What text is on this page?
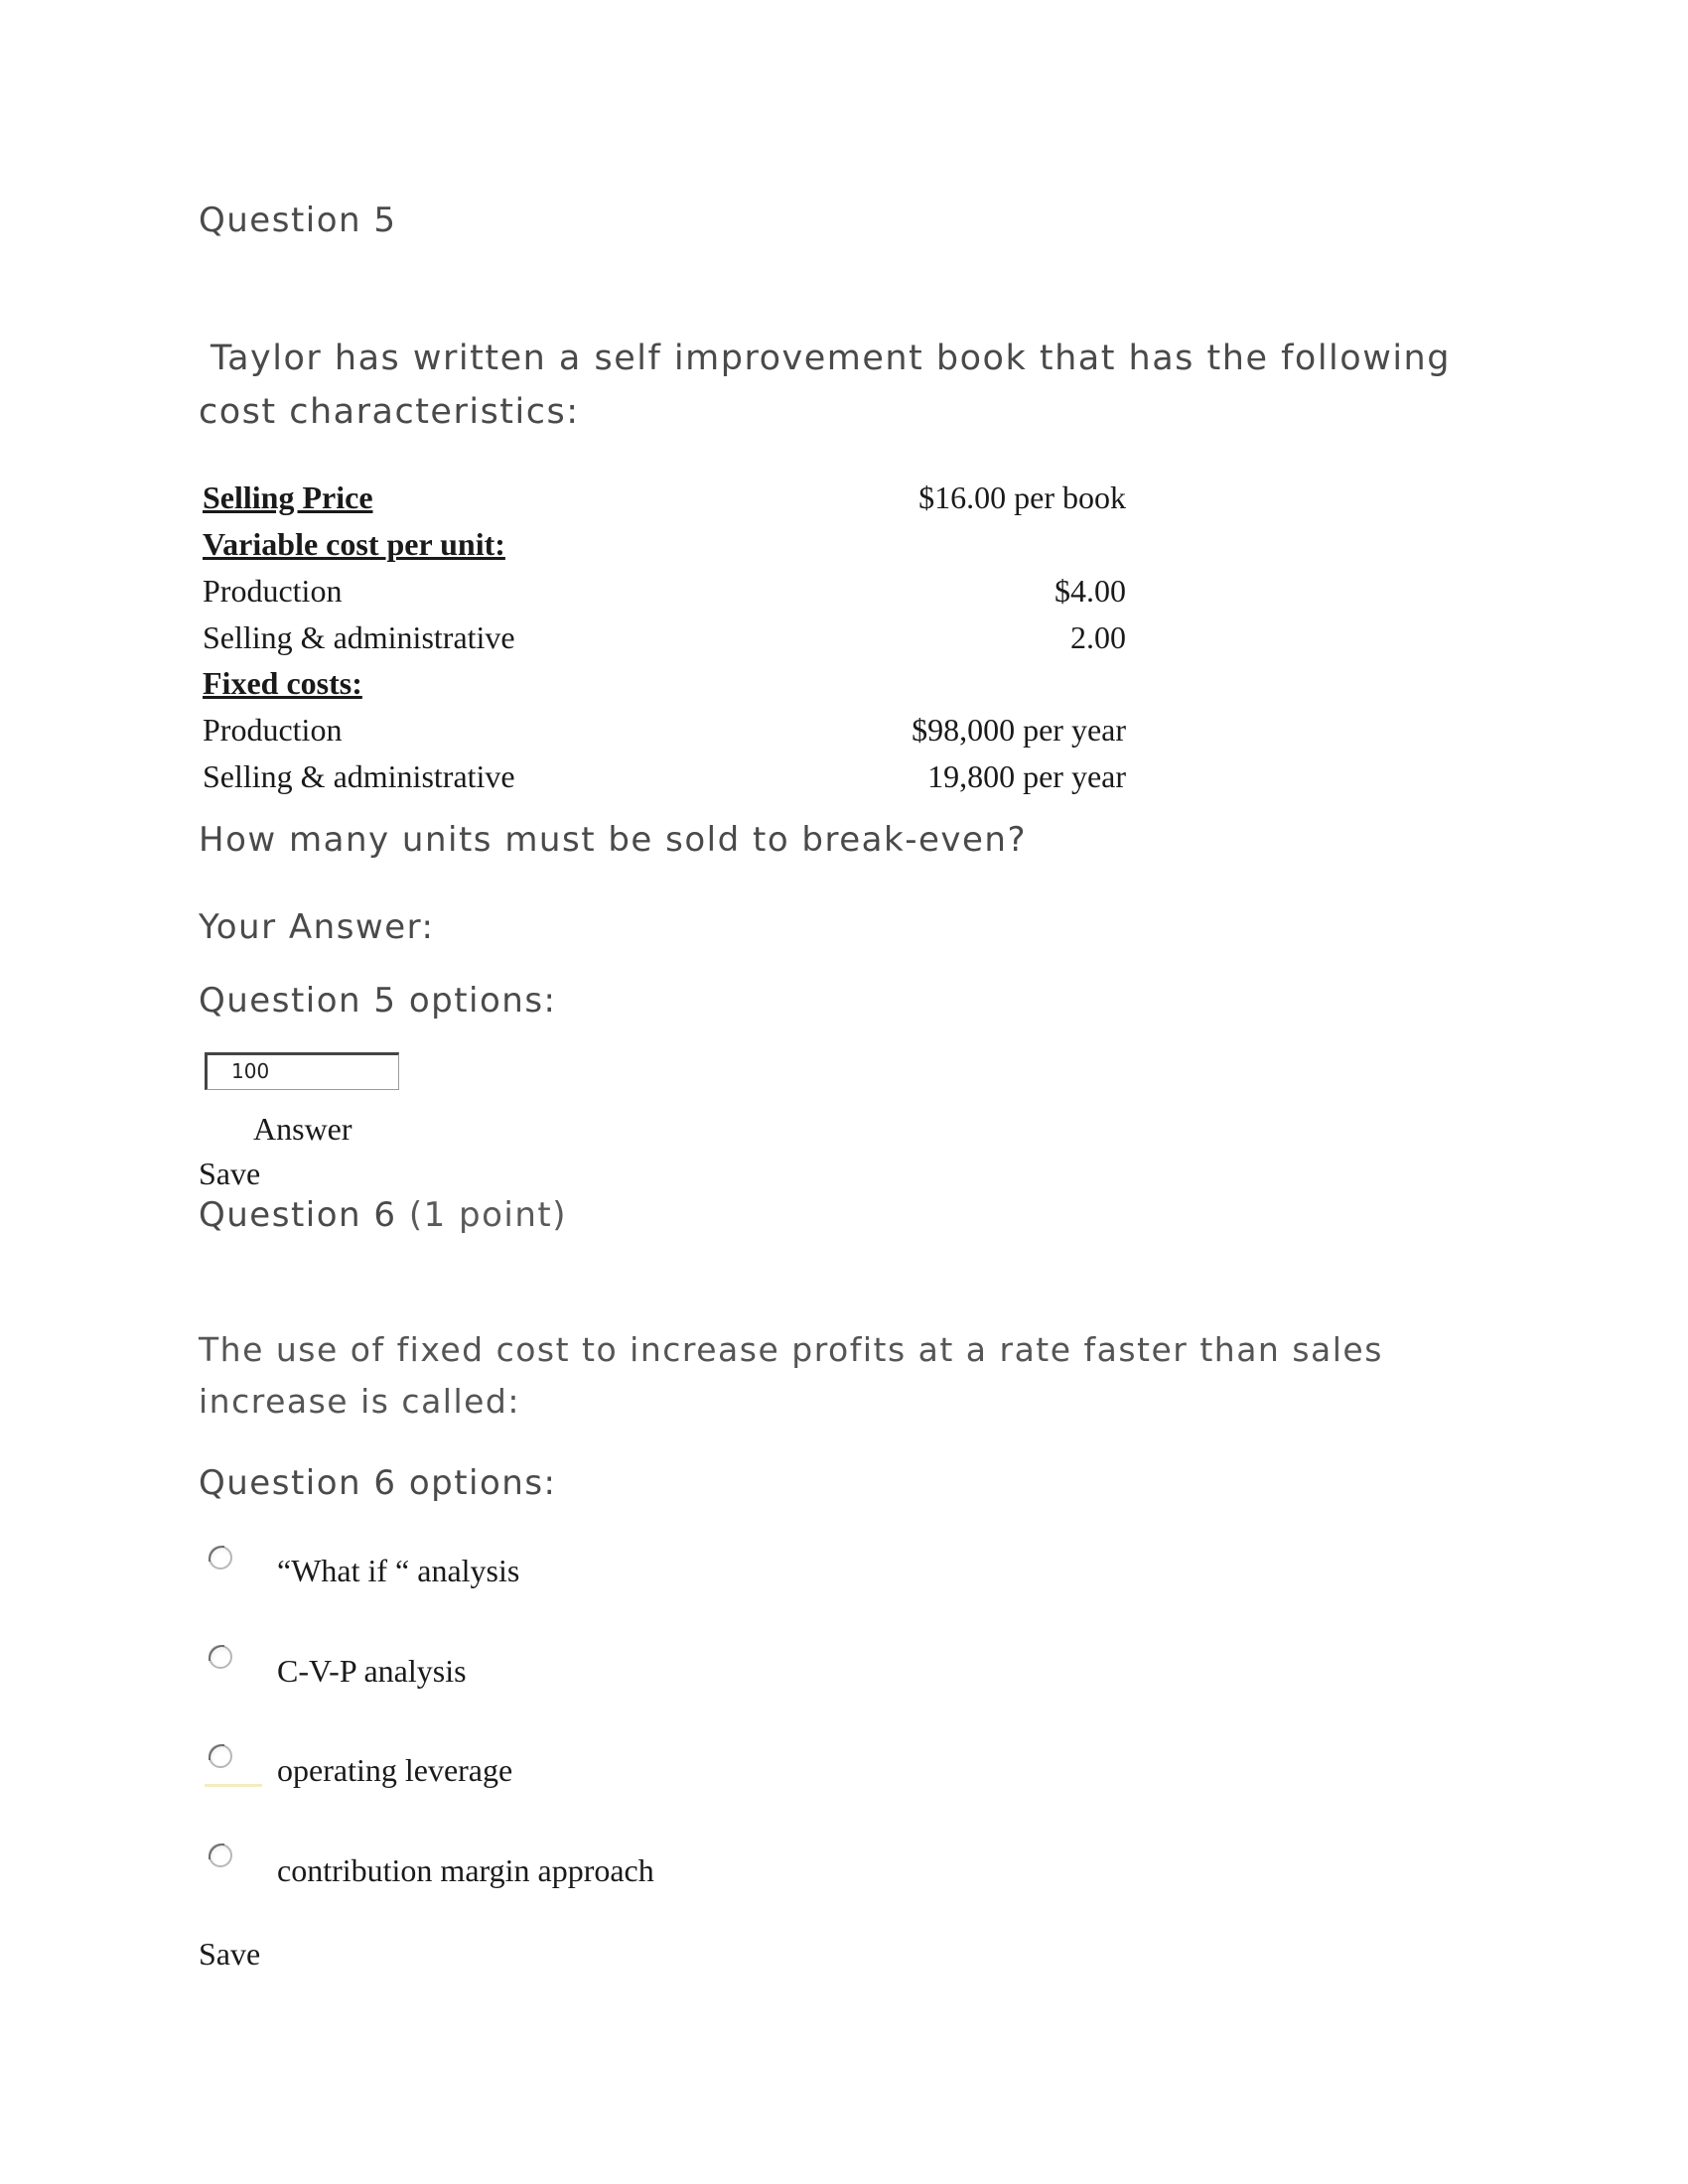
Question 5
Taylor has written a self improvement book that has the following cost characteristics:
Selling Price	$16.00 per book
Variable cost per unit:
Production	$4.00
Selling & administrative	2.00
Fixed costs:
Production	$98,000 per year
Selling & administrative	19,800 per year
How many units must be sold to break-even?
Your Answer:
Question 5 options:
100
Answer
Save
Question 6 (1 point)
The use of fixed cost to increase profits at a rate faster than sales increase is called:
Question 6 options:
“What if “ analysis
C-V-P analysis
operating leverage
contribution margin approach
Save
